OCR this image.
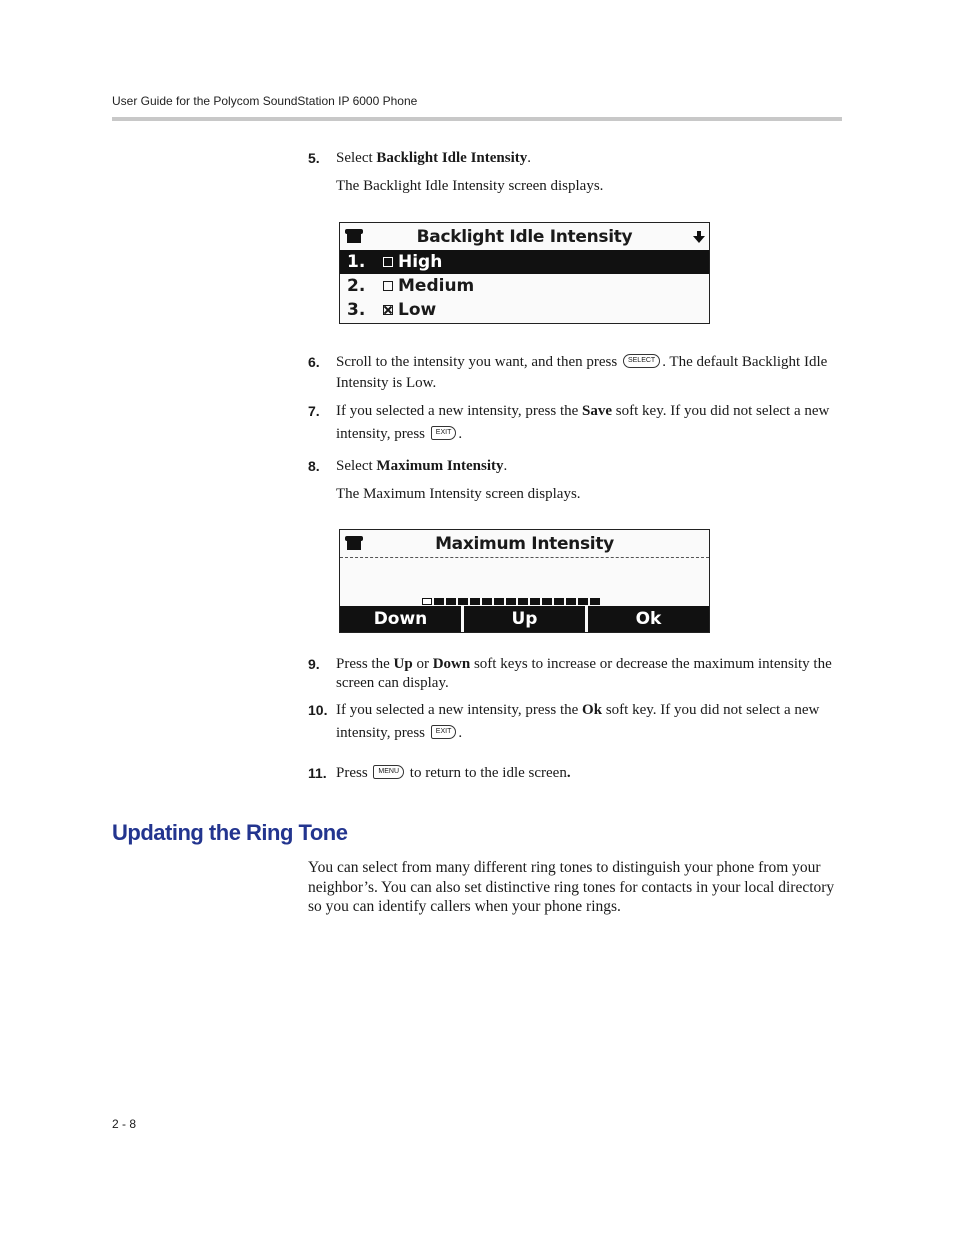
User Guide for the Polycom SoundStation IP 6000 Phone
5. Select Backlight Idle Intensity.
The Backlight Idle Intensity screen displays.
Backlight Idle Intensity
1.	High
2.	Medium
3.	Low
6. Scroll to the intensity you want, and then press SELECT . The default Backlight Idle Intensity is Low.
7. If you selected a new intensity, press the Save soft key. If you did not select a new intensity, press EXIT .
8. Select Maximum Intensity.
The Maximum Intensity screen displays.
Maximum Intensity
Down	Up	Ok
9. Press the Up or Down soft keys to increase or decrease the maximum intensity the screen can display.
10. If you selected a new intensity, press the Ok soft key. If you did not select a new intensity, press EXIT .
11. Press MENU to return to the idle screen.
Updating the Ring Tone
You can select from many different ring tones to distinguish your phone from your neighbor’s. You can also set distinctive ring tones for contacts in your local directory so you can identify callers when your phone rings.
2 - 8
